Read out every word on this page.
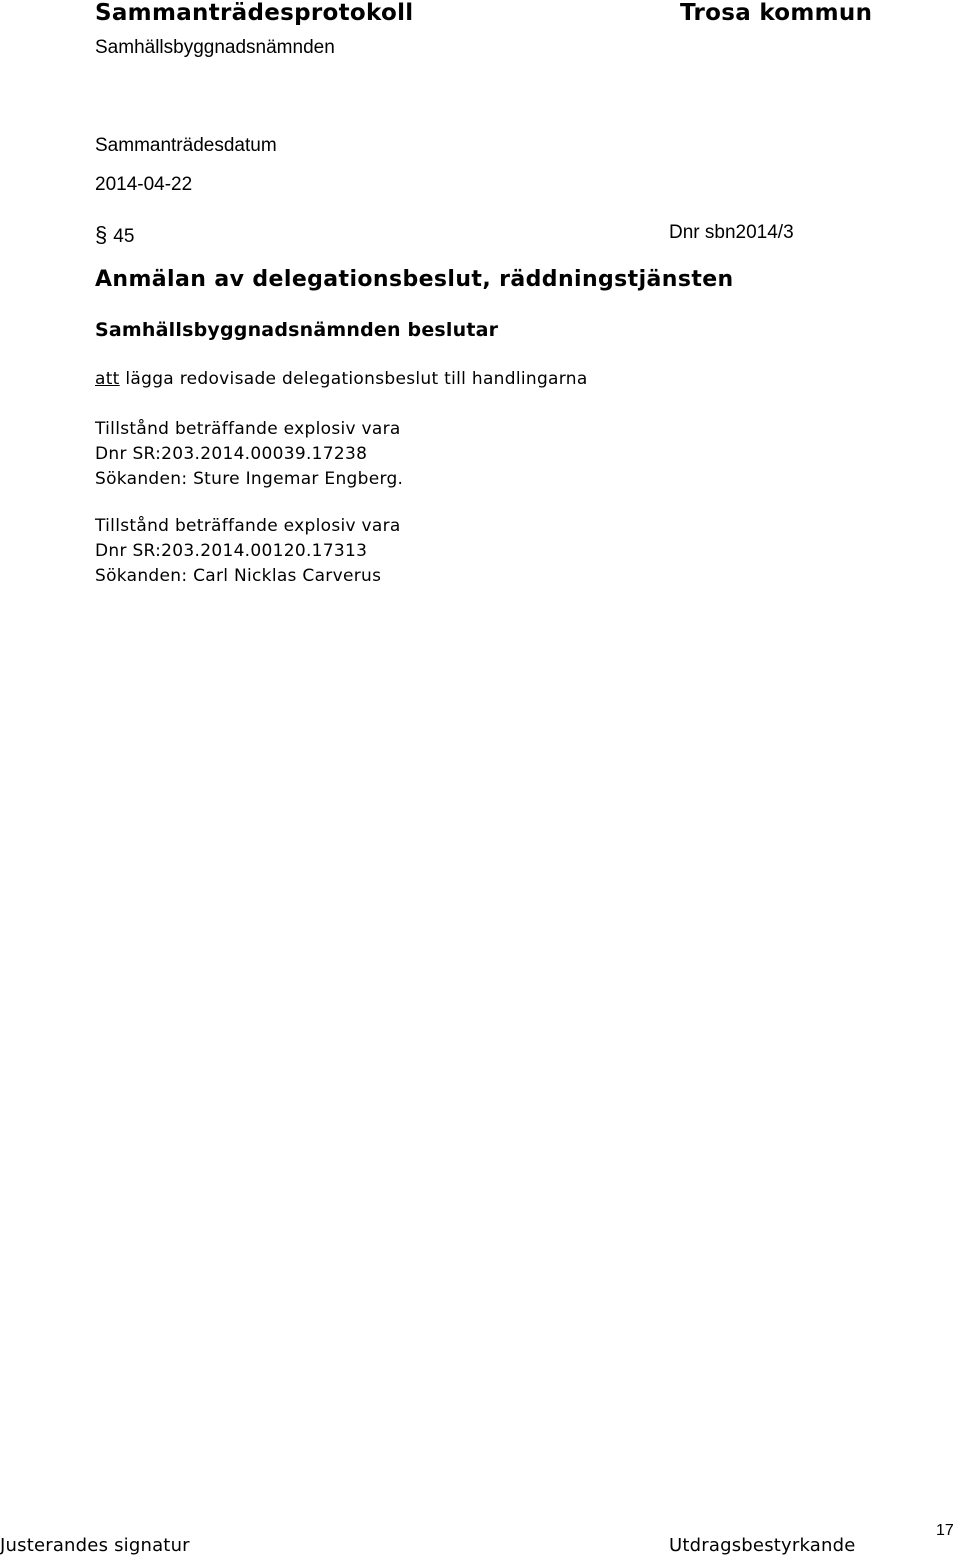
Sammanträdesprotokoll	Trosa kommun
Samhällsbyggnadsnämnden
Sammanträdesdatum
2014-04-22
§ 45	Dnr sbn2014/3
Anmälan av delegationsbeslut, räddningstjänsten
Samhällsbyggnadsnämnden beslutar
att lägga redovisade delegationsbeslut till handlingarna
Tillstånd beträffande explosiv vara
Dnr SR:203.2014.00039.17238
Sökanden: Sture Ingemar Engberg.
Tillstånd beträffande explosiv vara
Dnr SR:203.2014.00120.17313
Sökanden: Carl Nicklas Carverus
Justerandes signatur	Utdragsbestyrkande
17
